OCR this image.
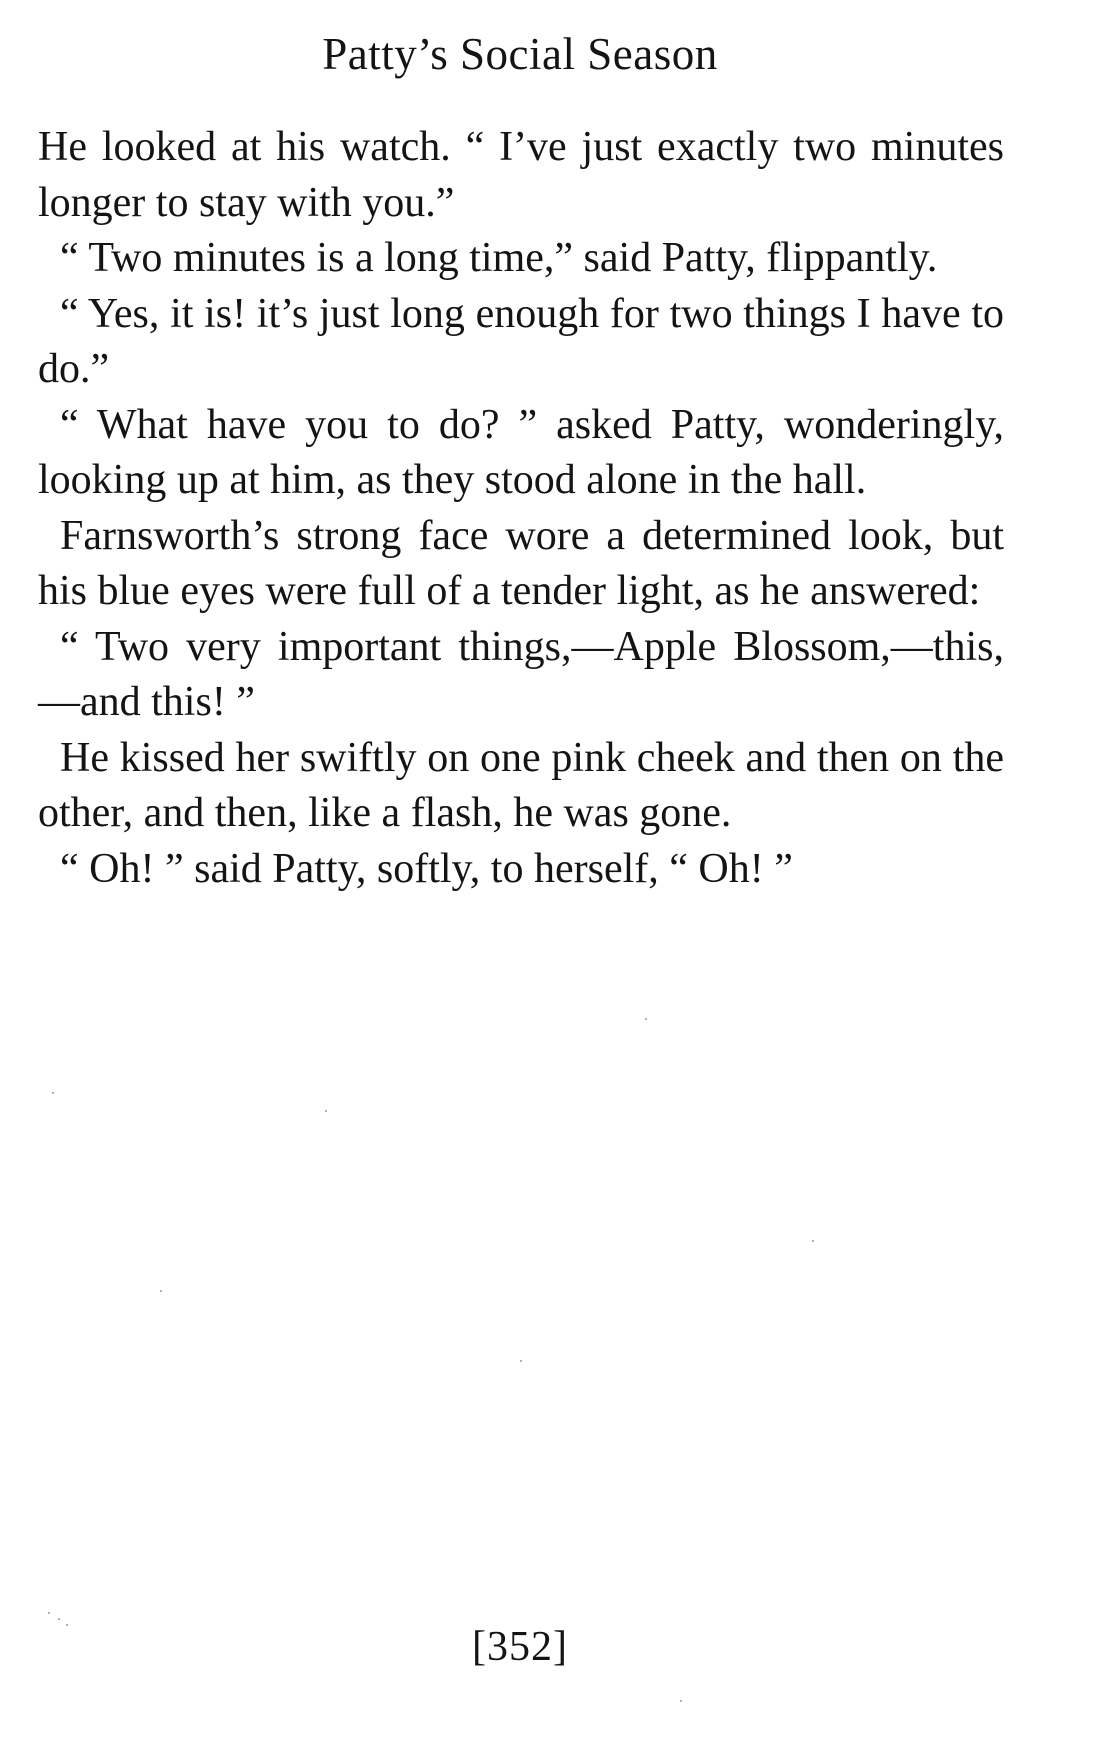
Patty’s Social Season

He looked at his watch. “ I’ve just exactly two minutes longer to stay with you.”

“ Two minutes is a long time,” said Patty, flippantly.

“ Yes, it is! it’s just long enough for two things I have to do.”

“ What have you to do? ” asked Patty, wonderingly, looking up at him, as they stood alone in the hall.

Farnsworth’s strong face wore a determined look, but his blue eyes were full of a tender light, as he answered:

“ Two very important things,—Apple Blossom,—this,—and this! ”

He kissed her swiftly on one pink cheek and then on the other, and then, like a flash, he was gone.

“ Oh! ” said Patty, softly, to herself, “ Oh! ”

[352]
